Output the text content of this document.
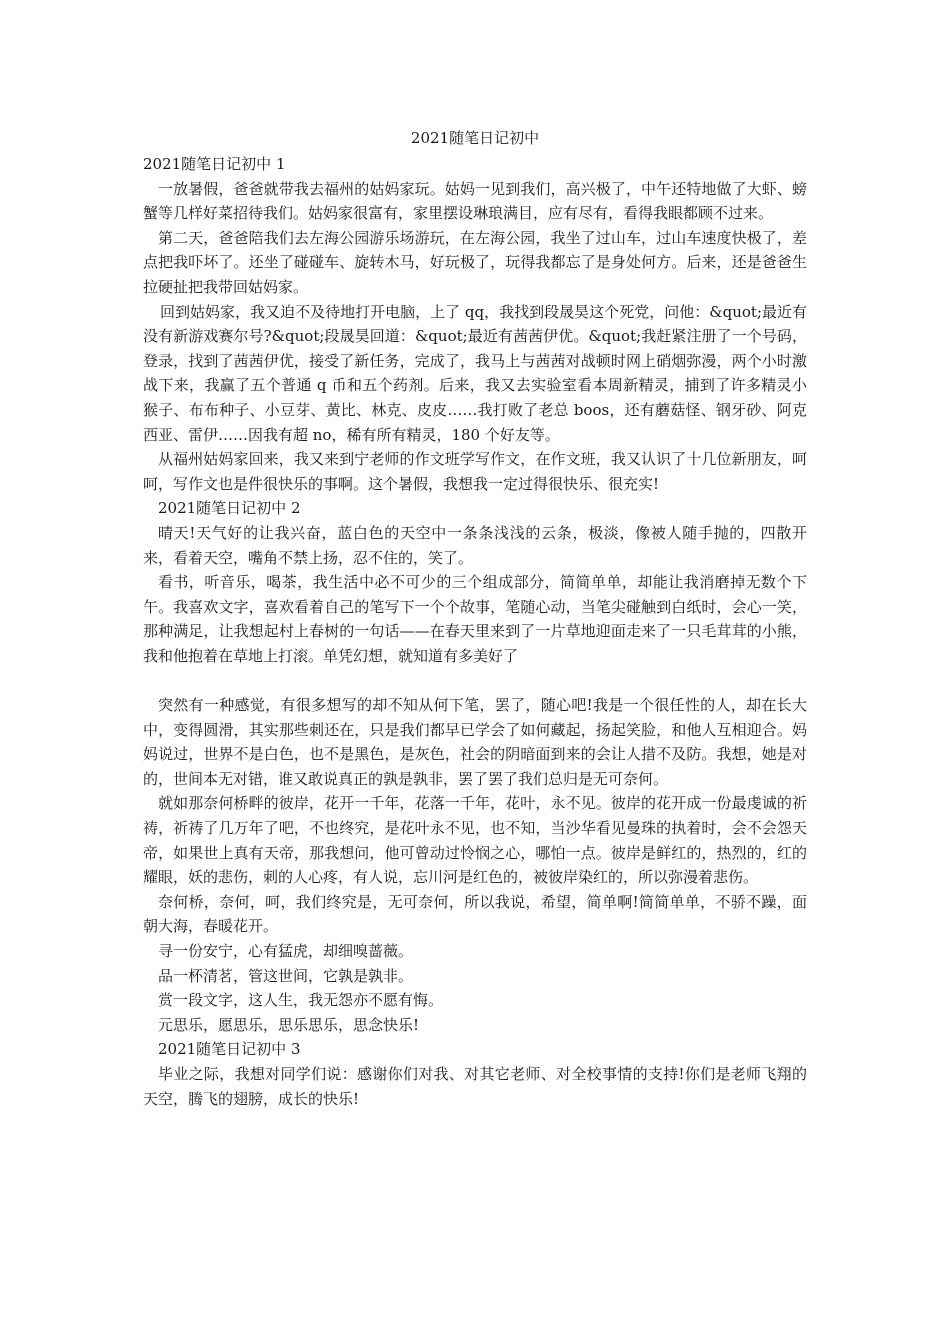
2021随笔日记初中
2021随笔日记初中 1

一放暑假，爸爸就带我去福州的姑妈家玩。姑妈一见到我们，高兴极了，中午还特地做了大虾、螃蟹等几样好菜招待我们。姑妈家很富有，家里摆设琳琅满目，应有尽有，看得我眼都顾不过来。

第二天，爸爸陪我们去左海公园游乐场游玩，在左海公园，我坐了过山车，过山车速度快极了，差点把我吓坏了。还坐了碰碰车、旋转木马，好玩极了，玩得我都忘了是身处何方。后来，还是爸爸生拉硬扯把我带回姑妈家。

回到姑妈家，我又迫不及待地打开电脑，上了 qq，我找到段晟昊这个死党，问他：&quot;最近有没有新游戏赛尔号?&quot;段晟昊回道：&quot;最近有茜茜伊优。&quot;我赶紧注册了一个号码，登录，找到了茜茜伊优，接受了新任务，完成了，我马上与茜茜对战顿时网上硝烟弥漫，两个小时激战下来，我赢了五个普通 q 币和五个药剂。后来，我又去实验室看本周新精灵，捕到了许多精灵小猴子、布布种子、小豆芽、黄比、林克、皮皮……我打败了老总 boos，还有蘑菇怪、钢牙砂、阿克西亚、雷伊……因我有超 no，稀有所有精灵，180 个好友等。

从福州姑妈家回来，我又来到宁老师的作文班学写作文，在作文班，我又认识了十几位新朋友，呵呵，写作文也是件很快乐的事啊。这个暑假，我想我一定过得很快乐、很充实!

2021随笔日记初中 2

晴天!天气好的让我兴奋，蓝白色的天空中一条条浅浅的云条，极淡，像被人随手抛的，四散开来，看着天空，嘴角不禁上扬，忍不住的，笑了。

看书，听音乐，喝茶，我生活中必不可少的三个组成部分，简简单单，却能让我消磨掉无数个下午。我喜欢文字，喜欢看着自己的笔写下一个个故事，笔随心动，当笔尖碰触到白纸时，会心一笑，那种满足，让我想起村上春树的一句话——在春天里来到了一片草地迎面走来了一只毛茸茸的小熊，我和他抱着在草地上打滚。单凭幻想，就知道有多美好了

突然有一种感觉，有很多想写的却不知从何下笔，罢了，随心吧!我是一个很任性的人，却在长大中，变得圆滑，其实那些刺还在，只是我们都早已学会了如何藏起，扬起笑脸，和他人互相迎合。妈妈说过，世界不是白色，也不是黑色，是灰色，社会的阴暗面到来的会让人措不及防。我想，她是对的，世间本无对错，谁又敢说真正的孰是孰非，罢了罢了我们总归是无可奈何。

就如那奈何桥畔的彼岸，花开一千年，花落一千年，花叶，永不见。彼岸的花开成一份最虔诚的祈祷，祈祷了几万年了吧，不也终究，是花叶永不见，也不知，当沙华看见曼珠的执着时，会不会怨天帝，如果世上真有天帝，那我想问，他可曾动过怜悯之心，哪怕一点。彼岸是鲜红的，热烈的，红的耀眼，妖的悲伤，刺的人心疼，有人说，忘川河是红色的，被彼岸染红的，所以弥漫着悲伤。

奈何桥，奈何，呵，我们终究是，无可奈何，所以我说，希望，简单啊!简简单单，不骄不躁，面朝大海，春暖花开。

寻一份安宁，心有猛虎，却细嗅蔷薇。

品一杯清茗，管这世间，它孰是孰非。

赏一段文字，这人生，我无怨亦不愿有悔。

元思乐，愿思乐，思乐思乐，思念快乐!

2021随笔日记初中 3

毕业之际，我想对同学们说：感谢你们对我、对其它老师、对全校事情的支持!你们是老师飞翔的天空，腾飞的翅膀，成长的快乐!
